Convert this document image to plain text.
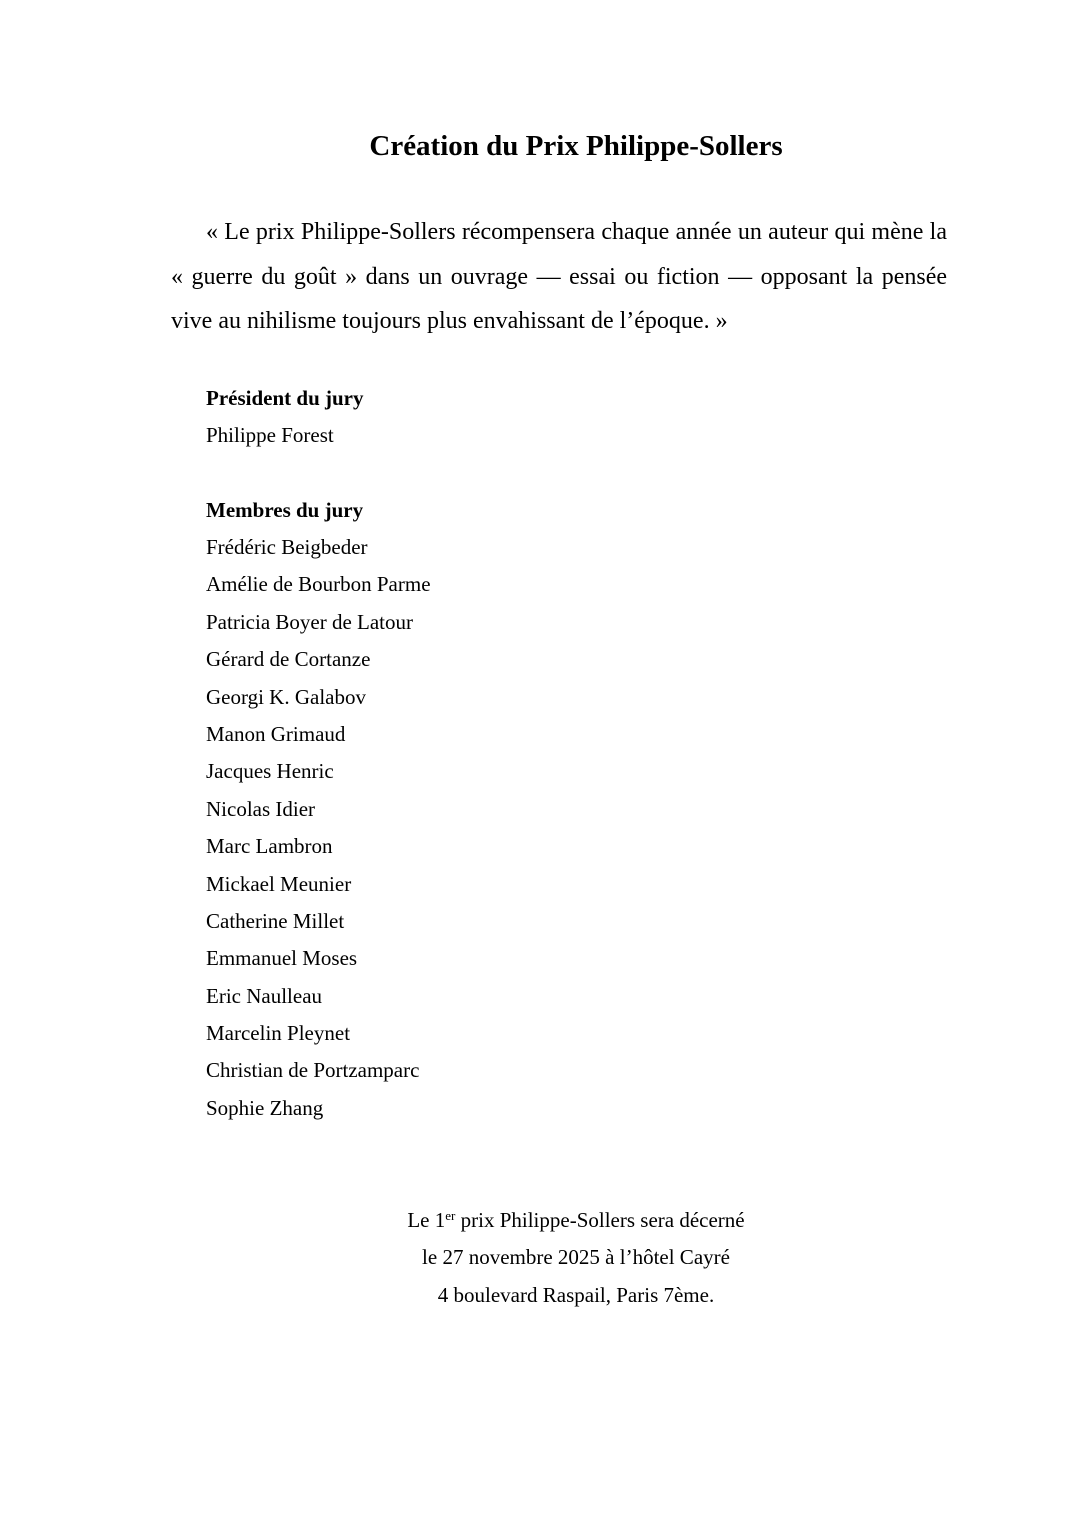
Création du Prix Philippe-Sollers

« Le prix Philippe-Sollers récompensera chaque année un auteur qui mène la « guerre du goût » dans un ouvrage — essai ou fiction — opposant la pensée vive au nihilisme toujours plus envahissant de l’époque. »

Président du jury

Philippe Forest

Membres du jury

Frédéric Beigbeder
Amélie de Bourbon Parme
Patricia Boyer de Latour
Gérard de Cortanze
Georgi K. Galabov
Manon Grimaud
Jacques Henric
Nicolas Idier
Marc Lambron
Mickael Meunier
Catherine Millet
Emmanuel Moses
Eric Naulleau
Marcelin Pleynet
Christian de Portzamparc
Sophie Zhang
Le 1er prix Philippe-Sollers sera décerné
le 27 novembre 2025 à l’hôtel Cayré
4 boulevard Raspail, Paris 7ème.
